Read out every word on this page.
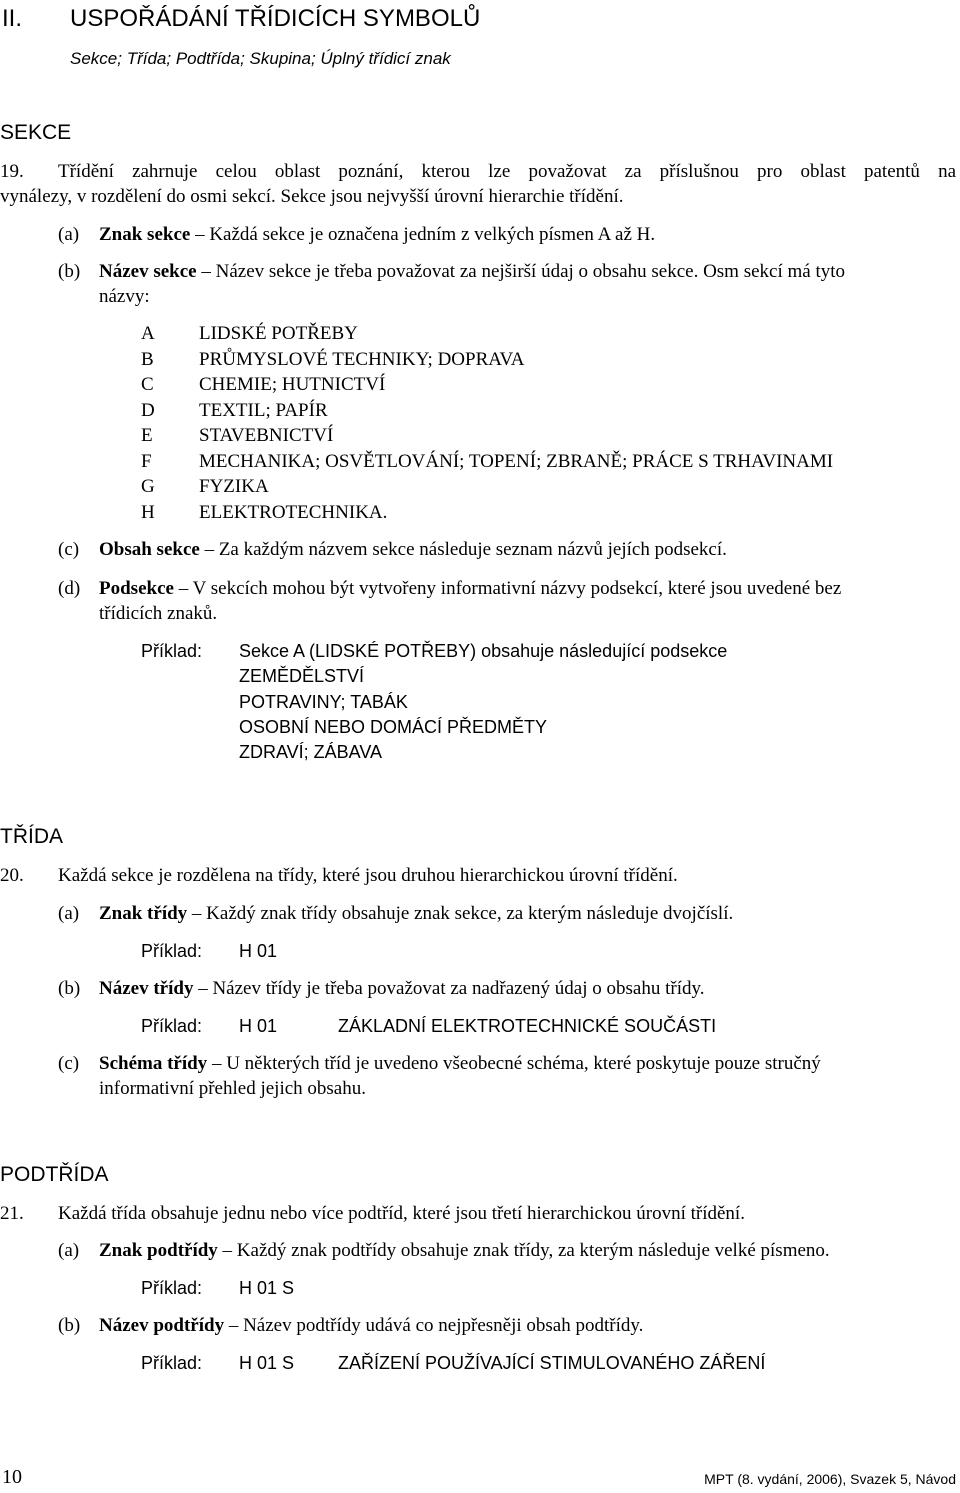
II. USPOŘÁDÁNÍ TŘÍDICÍCH SYMBOLŮ
Sekce; Třída; Podtřída; Skupina; Úplný třídicí znak
SEKCE
19. Třídění zahrnuje celou oblast poznání, kterou lze považovat za příslušnou pro oblast patentů na
vynálezy, v rozdělení do osmi sekcí. Sekce jsou nejvyšší úrovní hierarchie třídění.
(a) Znak sekce – Každá sekce je označena jedním z velkých písmen A až H.
(b) Název sekce – Název sekce je třeba považovat za nejširší údaj o obsahu sekce. Osm sekcí má tyto
názvy:
A LIDSKÉ POTŘEBY
B PRŮMYSLOVÉ TECHNIKY; DOPRAVA
C CHEMIE; HUTNICTVÍ
D TEXTIL; PAPÍR
E STAVEBNICTVÍ
F MECHANIKA; OSVĚTLOVÁNÍ; TOPENÍ; ZBRANĚ; PRÁCE S TRHAVINAMI
G FYZIKA
H ELEKTROTECHNIKA.
(c) Obsah sekce – Za každým názvem sekce následuje seznam názvů jejích podsekcí.
(d) Podsekce – V sekcích mohou být vytvořeny informativní názvy podsekcí, které jsou uvedené bez
třídicích znaků.
Příklad: Sekce A (LIDSKÉ POTŘEBY) obsahuje následující podsekce
ZEMĚDĚLSTVÍ
POTRAVINY; TABÁK
OSOBNÍ NEBO DOMÁCÍ PŘEDMĚTY
ZDRAVÍ; ZÁBAVA
TŘÍDA
20. Každá sekce je rozdělena na třídy, které jsou druhou hierarchickou úrovní třídění.
(a) Znak třídy – Každý znak třídy obsahuje znak sekce, za kterým následuje dvojčíslí.
Příklad: H 01
(b) Název třídy – Název třídy je třeba považovat za nadřazený údaj o obsahu třídy.
Příklad: H 01	ZÁKLADNÍ ELEKTROTECHNICKÉ SOUČÁSTI
(c) Schéma třídy – U některých tříd je uvedeno všeobecné schéma, které poskytuje pouze stručný
informativní přehled jejich obsahu.
PODTŘÍDA
21. Každá třída obsahuje jednu nebo více podtříd, které jsou třetí hierarchickou úrovní třídění.
(a) Znak podtřídy – Každý znak podtřídy obsahuje znak třídy, za kterým následuje velké písmeno.
Příklad: H 01 S
(b) Název podtřídy – Název podtřídy udává co nejpřesněji obsah podtřídy.
Příklad: H 01 S ZAŘÍZENÍ POUŽÍVAJÍCÍ STIMULOVANÉHO ZÁŘENÍ
10	MPT (8. vydání, 2006), Svazek 5, Návod
